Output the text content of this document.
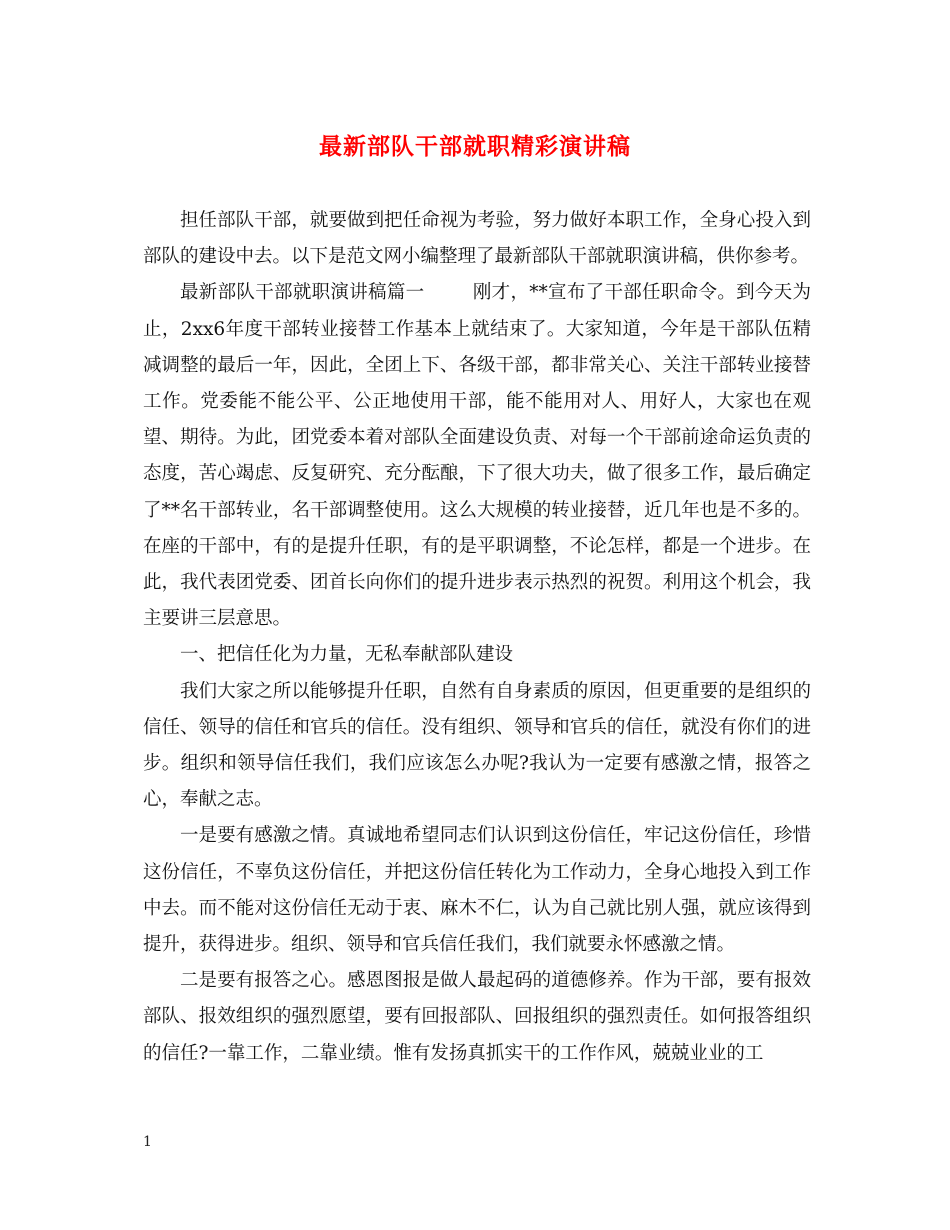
最新部队干部就职精彩演讲稿

担任部队干部，就要做到把任命视为考验，努力做好本职工作，全身心投入到部队的建设中去。以下是范文网小编整理了最新部队干部就职演讲稿，供你参考。

最新部队干部就职演讲稿篇一	刚才，**宣布了干部任职命令。到今天为止，2xx6年度干部转业接替工作基本上就结束了。大家知道，今年是干部队伍精减调整的最后一年，因此，全团上下、各级干部，都非常关心、关注干部转业接替工作。党委能不能公平、公正地使用干部，能不能用对人、用好人，大家也在观望、期待。为此，团党委本着对部队全面建设负责、对每一个干部前途命运负责的态度，苦心竭虑、反复研究、充分酝酿，下了很大功夫，做了很多工作，最后确定了**名干部转业，名干部调整使用。这么大规模的转业接替，近几年也是不多的。在座的干部中，有的是提升任职，有的是平职调整，不论怎样，都是一个进步。在此，我代表团党委、团首长向你们的提升进步表示热烈的祝贺。利用这个机会，我主要讲三层意思。

一、把信任化为力量，无私奉献部队建设

我们大家之所以能够提升任职，自然有自身素质的原因，但更重要的是组织的信任、领导的信任和官兵的信任。没有组织、领导和官兵的信任，就没有你们的进步。组织和领导信任我们，我们应该怎么办呢?我认为一定要有感激之情，报答之心，奉献之志。

一是要有感激之情。真诚地希望同志们认识到这份信任，牢记这份信任，珍惜这份信任，不辜负这份信任，并把这份信任转化为工作动力，全身心地投入到工作中去。而不能对这份信任无动于衷、麻木不仁，认为自己就比别人强，就应该得到提升，获得进步。组织、领导和官兵信任我们，我们就要永怀感激之情。

二是要有报答之心。感恩图报是做人最起码的道德修养。作为干部，要有报效部队、报效组织的强烈愿望，要有回报部队、回报组织的强烈责任。如何报答组织的信任?一靠工作，二靠业绩。惟有发扬真抓实干的工作作风，兢兢业业的工

1
